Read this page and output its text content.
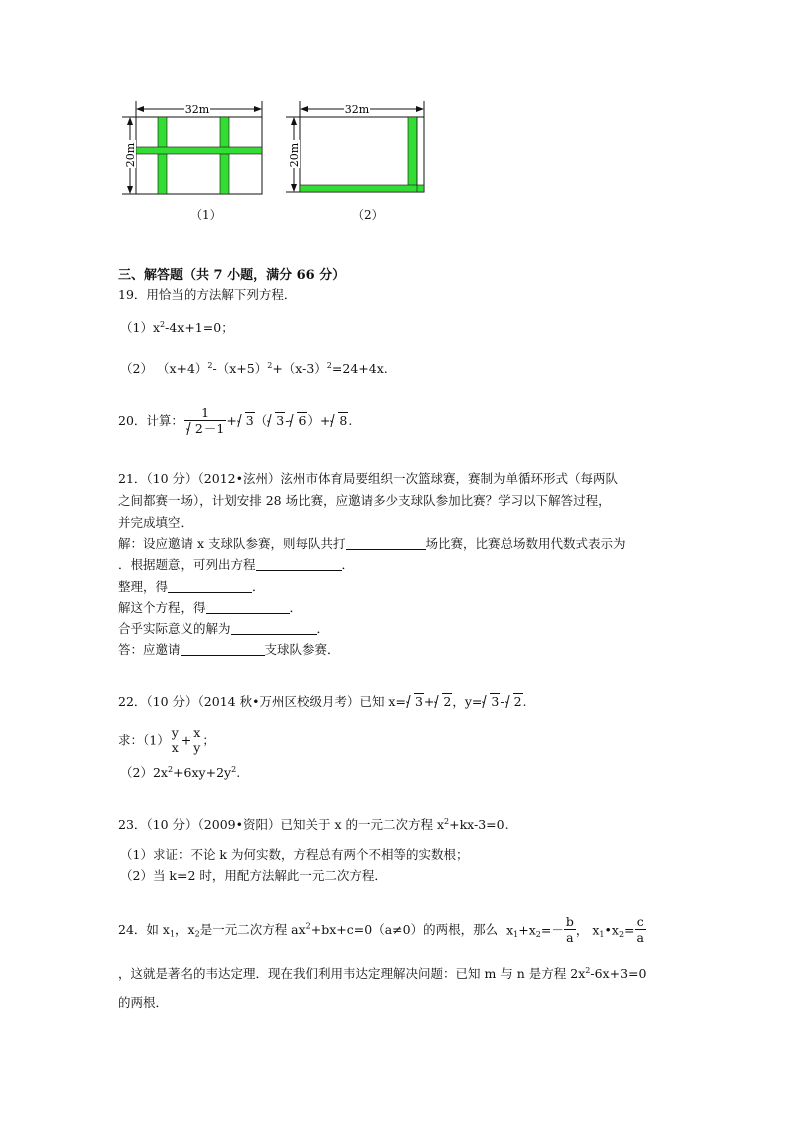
32m
20m
（1）
32m
20m
（2）
三、解答题（共 7 小题，满分 66 分）
19．用恰当的方法解下列方程．
$(1)x^2-4x+1=0$；
（2） $(x+4)^2-(x+5)^2+(x-3)^2=24+4x$.
20．计算： $\frac{1}{2-1} + 3$（ 3- 6）+ 8.
21．（10 分）（2012•泫州）泫州市体育局要组织一次篮球赛，赛制为单循环形式（每两队
之间都赛一场），计划安排 28 场比赛，应邀请多少支球队参加比赛？学习以下解答过程，
并完成填空．
解：设应邀请 x 支球队参赛，则每队共打	场比赛，比赛总场数用代数式表示为
．根据题意，可列出方程	．
整理，得	．
解这个方程，得	．
合乎实际意义的解为	．
答：应邀请	支球队参赛．
22．（10 分）（2014 秋•万州区校级月考）已知 x= 3+ 2，y= 3- 2.
求：（1） y
x + x
y ；
$(2)2x^2+6xy+2y^2$.
23．（10 分）（2009•资阳）已知关于 x 的一元二次方程 $x^2+kx-3=0$.
（1）求证：不论 k 为何实数，方程总有两个不相等的实数根；
（2）当 k=2 时，用配方法解此一元二次方程．
24．如 $x_1$，$x_2$是一元二次方程 $ax^2+bx+c=0(a\ne 0)$的两根，那么 $x_1+x_2=- \frac{b}{a}$ ， $x_1•x_2= \frac{c}{a}$
，这就是著名的韦达定理．现在我们利用韦达定理解决问题：已知 m 与 n 是方程 $2x^2-6x+3=0$
的两根．
